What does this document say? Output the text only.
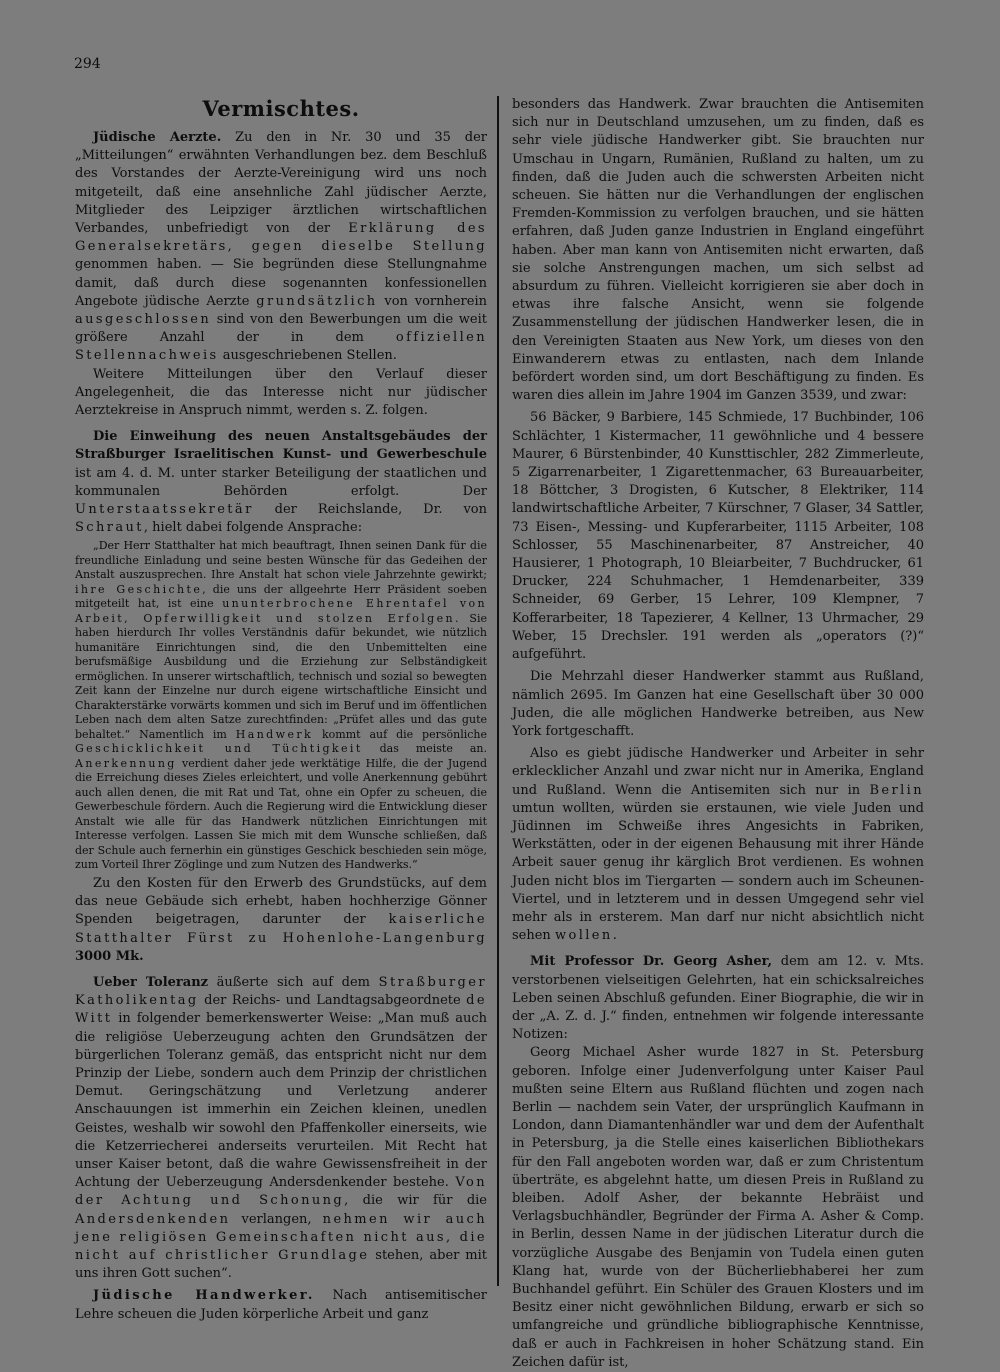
294
Vermischtes.

Jüdische Aerzte. Zu den in Nr. 30 und 35 der „Mitteilungen“ erwähnten Verhandlungen bez. dem Beschluß des Vorstandes der Aerzte-Vereinigung wird uns noch mitgeteilt, daß eine ansehnliche Zahl jüdischer Aerzte, Mitglieder des Leipziger ärztlichen wirtschaftlichen Verbandes, unbefriedigt von der Erklärung des Generalsekretärs, gegen dieselbe Stellung genommen haben. — Sie begründen diese Stellungnahme damit, daß durch diese sogenannten konfessionellen Angebote jüdische Aerzte grundsätzlich von vornherein ausgeschlossen sind von den Bewerbungen um die weit größere Anzahl der in dem offiziellen Stellennachweis ausgeschriebenen Stellen.

Weitere Mitteilungen über den Verlauf dieser Angelegenheit, die das Interesse nicht nur jüdischer Aerztekreise in Anspruch nimmt, werden s. Z. folgen.

Die Einweihung des neuen Anstaltsgebäudes der Straßburger Israelitischen Kunst- und Gewerbeschule ist am 4. d. M. unter starker Beteiligung der staatlichen und kommunalen Behörden erfolgt. Der Unterstaatssekretär der Reichslande, Dr. von Schraut, hielt dabei folgende Ansprache:

„Der Herr Statthalter hat mich beauftragt, Ihnen seinen Dank für die freundliche Einladung und seine besten Wünsche für das Gedeihen der Anstalt auszusprechen. Ihre Anstalt hat schon viele Jahrzehnte gewirkt; ihre Geschichte, die uns der allgeehrte Herr Präsident soeben mitgeteilt hat, ist eine ununterbrochene Ehrentafel von Arbeit, Opferwilligkeit und stolzen Erfolgen. Sie haben hierdurch Ihr volles Verständnis dafür bekundet, wie nützlich humanitäre Einrichtungen sind, die den Unbemittelten eine berufsmäßige Ausbildung und die Erziehung zur Selbständigkeit ermöglichen. In unserer wirtschaftlich, technisch und sozial so bewegten Zeit kann der Einzelne nur durch eigene wirtschaftliche Einsicht und Charakterstärke vorwärts kommen und sich im Beruf und im öffentlichen Leben nach dem alten Satze zurechtfinden: „Prüfet alles und das gute behaltet.“ Namentlich im Handwerk kommt auf die persönliche Geschicklichkeit und Tüchtigkeit das meiste an. Anerkennung verdient daher jede werktätige Hilfe, die der Jugend die Erreichung dieses Zieles erleichtert, und volle Anerkennung gebührt auch allen denen, die mit Rat und Tat, ohne ein Opfer zu scheuen, die Gewerbeschule fördern. Auch die Regierung wird die Entwicklung dieser Anstalt wie alle für das Handwerk nützlichen Einrichtungen mit Interesse verfolgen. Lassen Sie mich mit dem Wunsche schließen, daß der Schule auch fernerhin ein günstiges Geschick beschieden sein möge, zum Vorteil Ihrer Zöglinge und zum Nutzen des Handwerks.“

Zu den Kosten für den Erwerb des Grundstücks, auf dem das neue Gebäude sich erhebt, haben hochherzige Gönner Spenden beigetragen, darunter der kaiserliche Statthalter Fürst zu Hohenlohe-Langenburg 3000 Mk.

Ueber Toleranz äußerte sich auf dem Straßburger Katholikentag der Reichs- und Landtagsabgeordnete de Witt in folgender bemerkenswerter Weise: „Man muß auch die religiöse Ueberzeugung achten den Grundsätzen der bürgerlichen Toleranz gemäß, das entspricht nicht nur dem Prinzip der Liebe, sondern auch dem Prinzip der christlichen Demut. Geringschätzung und Verletzung anderer Anschauungen ist immerhin ein Zeichen kleinen, unedlen Geistes, weshalb wir sowohl den Pfaffenkoller einerseits, wie die Ketzerriecherei anderseits verurteilen. Mit Recht hat unser Kaiser betont, daß die wahre Gewissensfreiheit in der Achtung der Ueberzeugung Andersdenkender bestehe. Von der Achtung und Schonung, die wir für die Andersdenkenden verlangen, nehmen wir auch jene religiösen Gemeinschaften nicht aus, die nicht auf christlicher Grundlage stehen, aber mit uns ihren Gott suchen“.

Jüdische Handwerker. Nach antisemitischer Lehre scheuen die Juden körperliche Arbeit und ganz

besonders das Handwerk. Zwar brauchten die Antisemiten sich nur in Deutschland umzusehen, um zu finden, daß es sehr viele jüdische Handwerker gibt. Sie brauchten nur Umschau in Ungarn, Rumänien, Rußland zu halten, um zu finden, daß die Juden auch die schwersten Arbeiten nicht scheuen. Sie hätten nur die Verhandlungen der englischen Fremden-Kommission zu verfolgen brauchen, und sie hätten erfahren, daß Juden ganze Industrien in England eingeführt haben. Aber man kann von Antisemiten nicht erwarten, daß sie solche Anstrengungen machen, um sich selbst ad absurdum zu führen. Vielleicht korrigieren sie aber doch in etwas ihre falsche Ansicht, wenn sie folgende Zusammenstellung der jüdischen Handwerker lesen, die in den Vereinigten Staaten aus New York, um dieses von den Einwanderern etwas zu entlasten, nach dem Inlande befördert worden sind, um dort Beschäftigung zu finden. Es waren dies allein im Jahre 1904 im Ganzen 3539, und zwar:

56 Bäcker, 9 Barbiere, 145 Schmiede, 17 Buchbinder, 106 Schlächter, 1 Kistermacher, 11 gewöhnliche und 4 bessere Maurer, 6 Bürstenbinder, 40 Kunsttischler, 282 Zimmerleute, 5 Zigarrenarbeiter, 1 Zigarettenmacher, 63 Bureauarbeiter, 18 Böttcher, 3 Drogisten, 6 Kutscher, 8 Elektriker, 114 landwirtschaftliche Arbeiter, 7 Kürschner, 7 Glaser, 34 Sattler, 73 Eisen-, Messing- und Kupferarbeiter, 1115 Arbeiter, 108 Schlosser, 55 Maschinenarbeiter, 87 Anstreicher, 40 Hausierer, 1 Photograph, 10 Bleiarbeiter, 7 Buchdrucker, 61 Drucker, 224 Schuhmacher, 1 Hemdenarbeiter, 339 Schneider, 69 Gerber, 15 Lehrer, 109 Klempner, 7 Kofferarbeiter, 18 Tapezierer, 4 Kellner, 13 Uhrmacher, 29 Weber, 15 Drechsler. 191 werden als „operators (?)“ aufgeführt.

Die Mehrzahl dieser Handwerker stammt aus Rußland, nämlich 2695. Im Ganzen hat eine Gesellschaft über 30 000 Juden, die alle möglichen Handwerke betreiben, aus New York fortgeschafft.

Also es giebt jüdische Handwerker und Arbeiter in sehr erklecklicher Anzahl und zwar nicht nur in Amerika, England und Rußland. Wenn die Antisemiten sich nur in Berlin umtun wollten, würden sie erstaunen, wie viele Juden und Jüdinnen im Schweiße ihres Angesichts in Fabriken, Werkstätten, oder in der eigenen Behausung mit ihrer Hände Arbeit sauer genug ihr kärglich Brot verdienen. Es wohnen Juden nicht blos im Tiergarten — sondern auch im Scheunen-Viertel, und in letzterem und in dessen Umgegend sehr viel mehr als in ersterem. Man darf nur nicht absichtlich nicht sehen wollen.

Mit Professor Dr. Georg Asher, dem am 12. v. Mts. verstorbenen vielseitigen Gelehrten, hat ein schicksalreiches Leben seinen Abschluß gefunden. Einer Biographie, die wir in der „A. Z. d. J.“ finden, entnehmen wir folgende interessante Notizen:

Georg Michael Asher wurde 1827 in St. Petersburg geboren. Infolge einer Judenverfolgung unter Kaiser Paul mußten seine Eltern aus Rußland flüchten und zogen nach Berlin — nachdem sein Vater, der ursprünglich Kaufmann in London, dann Diamantenhändler war und dem der Aufenthalt in Petersburg, ja die Stelle eines kaiserlichen Bibliothekars für den Fall angeboten worden war, daß er zum Christentum überträte, es abgelehnt hatte, um diesen Preis in Rußland zu bleiben. Adolf Asher, der bekannte Hebräist und Verlagsbuchhändler, Begründer der Firma A. Asher & Comp. in Berlin, dessen Name in der jüdischen Literatur durch die vorzügliche Ausgabe des Benjamin von Tudela einen guten Klang hat, wurde von der Bücherliebhaberei her zum Buchhandel geführt. Ein Schüler des Grauen Klosters und im Besitz einer nicht gewöhnlichen Bildung, erwarb er sich so umfangreiche und gründliche bibliographische Kenntnisse, daß er auch in Fachkreisen in hoher Schätzung stand. Ein Zeichen dafür ist,
